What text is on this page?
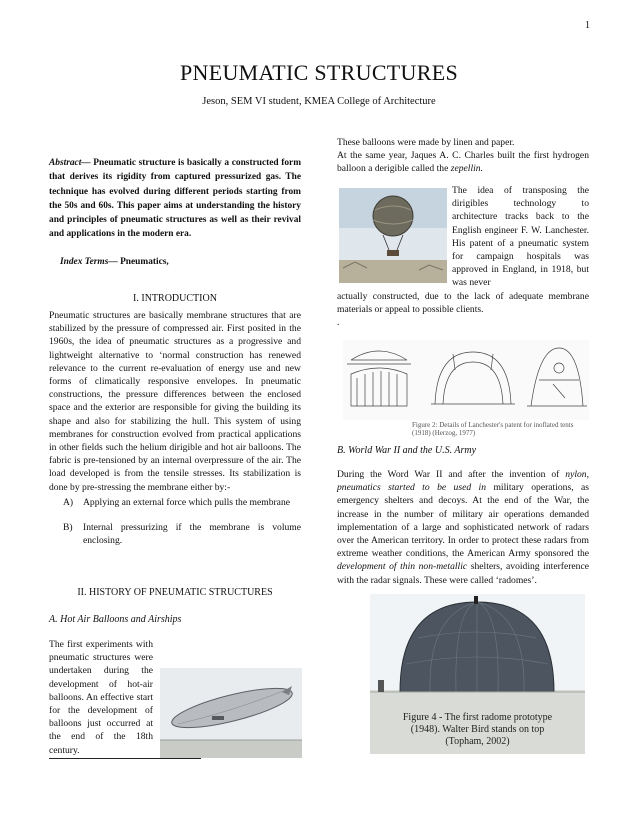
1
PNEUMATIC STRUCTURES
Jeson, SEM VI student, KMEA College of Architecture
Abstract— Pneumatic structure is basically a constructed form that derives its rigidity from captured pressurized gas. The technique has evolved during different periods starting from the 50s and 60s. This paper aims at understanding the history and principles of pneumatic structures as well as their revival and applications in the modern era.
Index Terms— Pneumatics,
I. INTRODUCTION

Pneumatic structures are basically membrane structures that are stabilized by the pressure of compressed air. First posited in the 1960s, the idea of pneumatic structures as a progressive and lightweight alternative to ‘normal construction has renewed relevance to the current re-evaluation of energy use and new forms of climatically responsive envelopes. In pneumatic constructions, the pressure differences between the enclosed space and the exterior are responsible for giving the building its shape and also for stabilizing the hull. This system of using membranes for construction evolved from practical applications in other fields such the helium dirigible and hot air balloons. The fabric is pre-tensioned by an internal overpressure of the air. The load developed is from the tensile stresses. Its stabilization is done by pre-stressing the membrane either by:-

A)	Applying an external force which pulls the membrane
B)	Internal pressurizing if the membrane is volume enclosing.
II. HISTORY OF PNEUMATIC STRUCTURES
A. Hot Air Balloons and Airships

The first experiments with pneumatic structures were undertaken during the development of hot-air balloons. An effective start for the development of balloons just occurred at the end of the 18th century.

These balloons were made by linen and paper.

At the same year, Jaques A. C. Charles built the first hydrogen balloon a derigible called the zepellin.

The idea of transposing the dirigibles technology to architecture tracks back to the English engineer F. W. Lanchester. His patent of a pneumatic system for campaign hospitals was approved in England, in 1918, but was never

actually constructed, due to the lack of adequate membrane materials or appeal to possible clients.

.

Figure 2: Details of Lanchester's patent for inoflated tents (1918) (Herzog, 1977)
B. World War II and the U.S. Army

During the Word War II and after the invention of nylon, pneumatics started to be used in military operations, as emergency shelters and decoys. At the end of the War, the increase in the number of military air operations demanded implementation of a large and sophisticated network of radars over the American territory. In order to protect these radars from extreme weather conditions, the American Army sponsored the development of thin non-metallic shelters, avoiding interference with the radar signals. These were called ‘radomes’.

Figure 4 - The first radome prototype
(1948). Walter Bird stands on top
(Topham, 2002)
